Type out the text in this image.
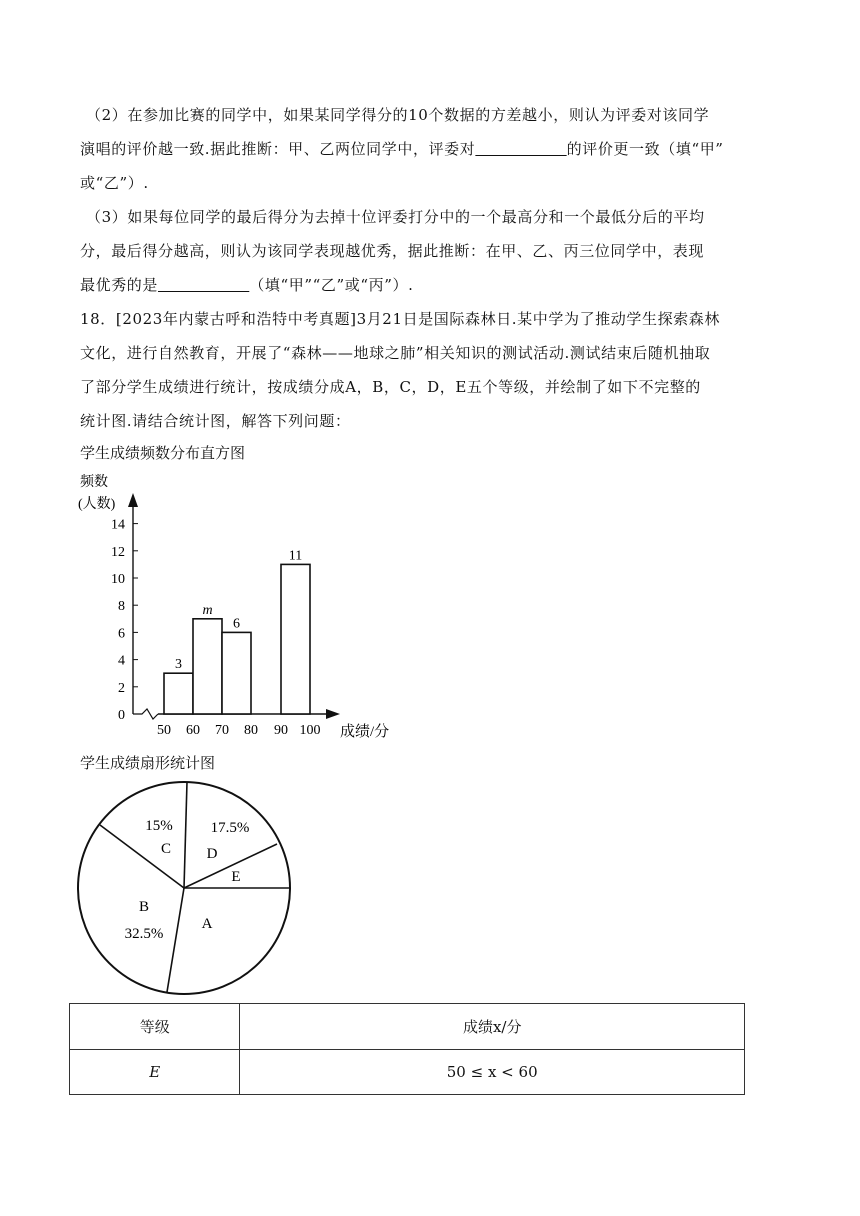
（2）在参加比赛的同学中，如果某同学得分的10个数据的方差越小，则认为评委对该同学
演唱的评价越一致.据此推断：甲、乙两位同学中，评委对	的评价更一致（填“甲”
或“乙”）.
（3）如果每位同学的最后得分为去掉十位评委打分中的一个最高分和一个最低分后的平均
分，最后得分越高，则认为该同学表现越优秀，据此推断：在甲、乙、丙三位同学中，表现
最优秀的是	（填“甲”“乙”或“丙”）.
18．[2023年内蒙古呼和浩特中考真题]3月21日是国际森林日.某中学为了推动学生探索森林
文化，进行自然教育，开展了“森林——地球之肺”相关知识的测试活动.测试结束后随机抽取
了部分学生成绩进行统计，按成绩分成A，B，C，D，E五个等级，并绘制了如下不完整的
统计图.请结合统计图，解答下列问题：
学生成绩频数分布直方图
频数
(人数)
0
2
4
6
8
10
12
14
50 60 70 80 90 100
3
m
6
11
成绩/分
学生成绩扇形统计图
A
B
32.5%
C
15%
D
17.5%
E
等级	成绩x/分
E	50 ≤ x < 60
